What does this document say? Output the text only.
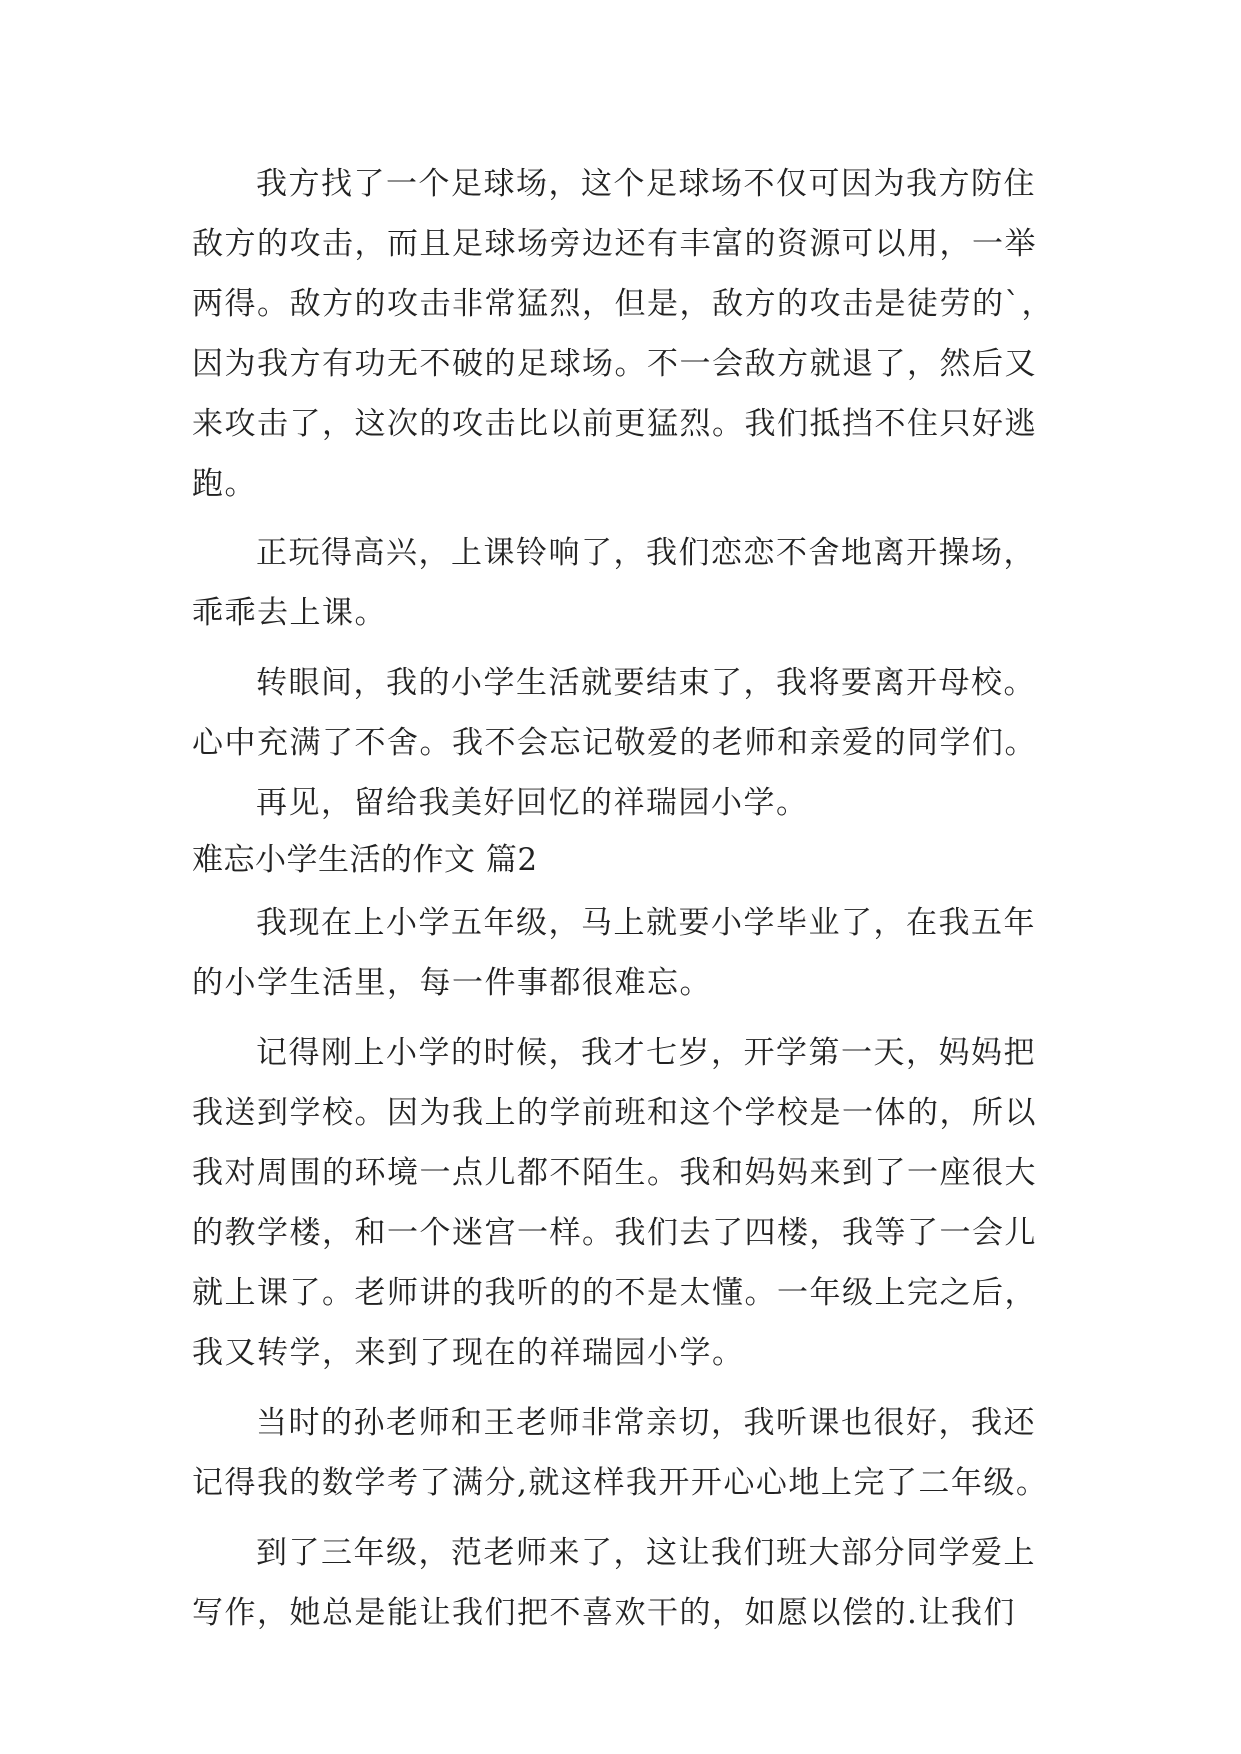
我方找了一个足球场，这个足球场不仅可因为我方防住
敌方的攻击，而且足球场旁边还有丰富的资源可以用，一举
两得。敌方的攻击非常猛烈，但是，敌方的攻击是徒劳的`，
因为我方有功无不破的足球场。不一会敌方就退了，然后又
来攻击了，这次的攻击比以前更猛烈。我们抵挡不住只好逃
跑。
正玩得高兴，上课铃响了，我们恋恋不舍地离开操场，
乖乖去上课。
转眼间，我的小学生活就要结束了，我将要离开母校。
心中充满了不舍。我不会忘记敬爱的老师和亲爱的同学们。
再见，留给我美好回忆的祥瑞园小学。
难忘小学生活的作文 篇2
我现在上小学五年级，马上就要小学毕业了，在我五年
的小学生活里，每一件事都很难忘。
记得刚上小学的时候，我才七岁，开学第一天，妈妈把
我送到学校。因为我上的学前班和这个学校是一体的，所以
我对周围的环境一点儿都不陌生。我和妈妈来到了一座很大
的教学楼，和一个迷宫一样。我们去了四楼，我等了一会儿
就上课了。老师讲的我听的的不是太懂。一年级上完之后，
我又转学，来到了现在的祥瑞园小学。
当时的孙老师和王老师非常亲切，我听课也很好，我还
记得我的数学考了满分,就这样我开开心心地上完了二年级。
到了三年级，范老师来了，这让我们班大部分同学爱上
写作，她总是能让我们把不喜欢干的，如愿以偿的.让我们
